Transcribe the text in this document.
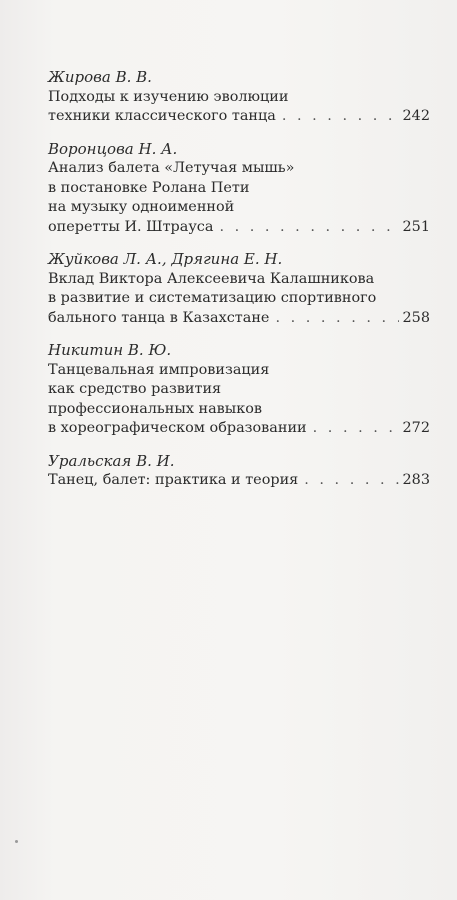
Жирова В. В.
Подходы к изучению эволюции
техники классического танца . . .	242
Воронцова Н. А.
Анализ балета «Летучая мышь»
в постановке Ролана Пети
на музыку одноименной
оперетты И. Штрауса . . .	251
Жуйкова Л. А., Дрягина Е. Н.
Вклад Виктора Алексеевича Калашникова
в развитие и систематизацию спортивного
бального танца в Казахстане . . .	258
Никитин В. Ю.
Танцевальная импровизация
как средство развития
профессиональных навыков
в хореографическом образовании . . .	272
Уральская В. И.
Танец, балет: практика и теория . . .	283
